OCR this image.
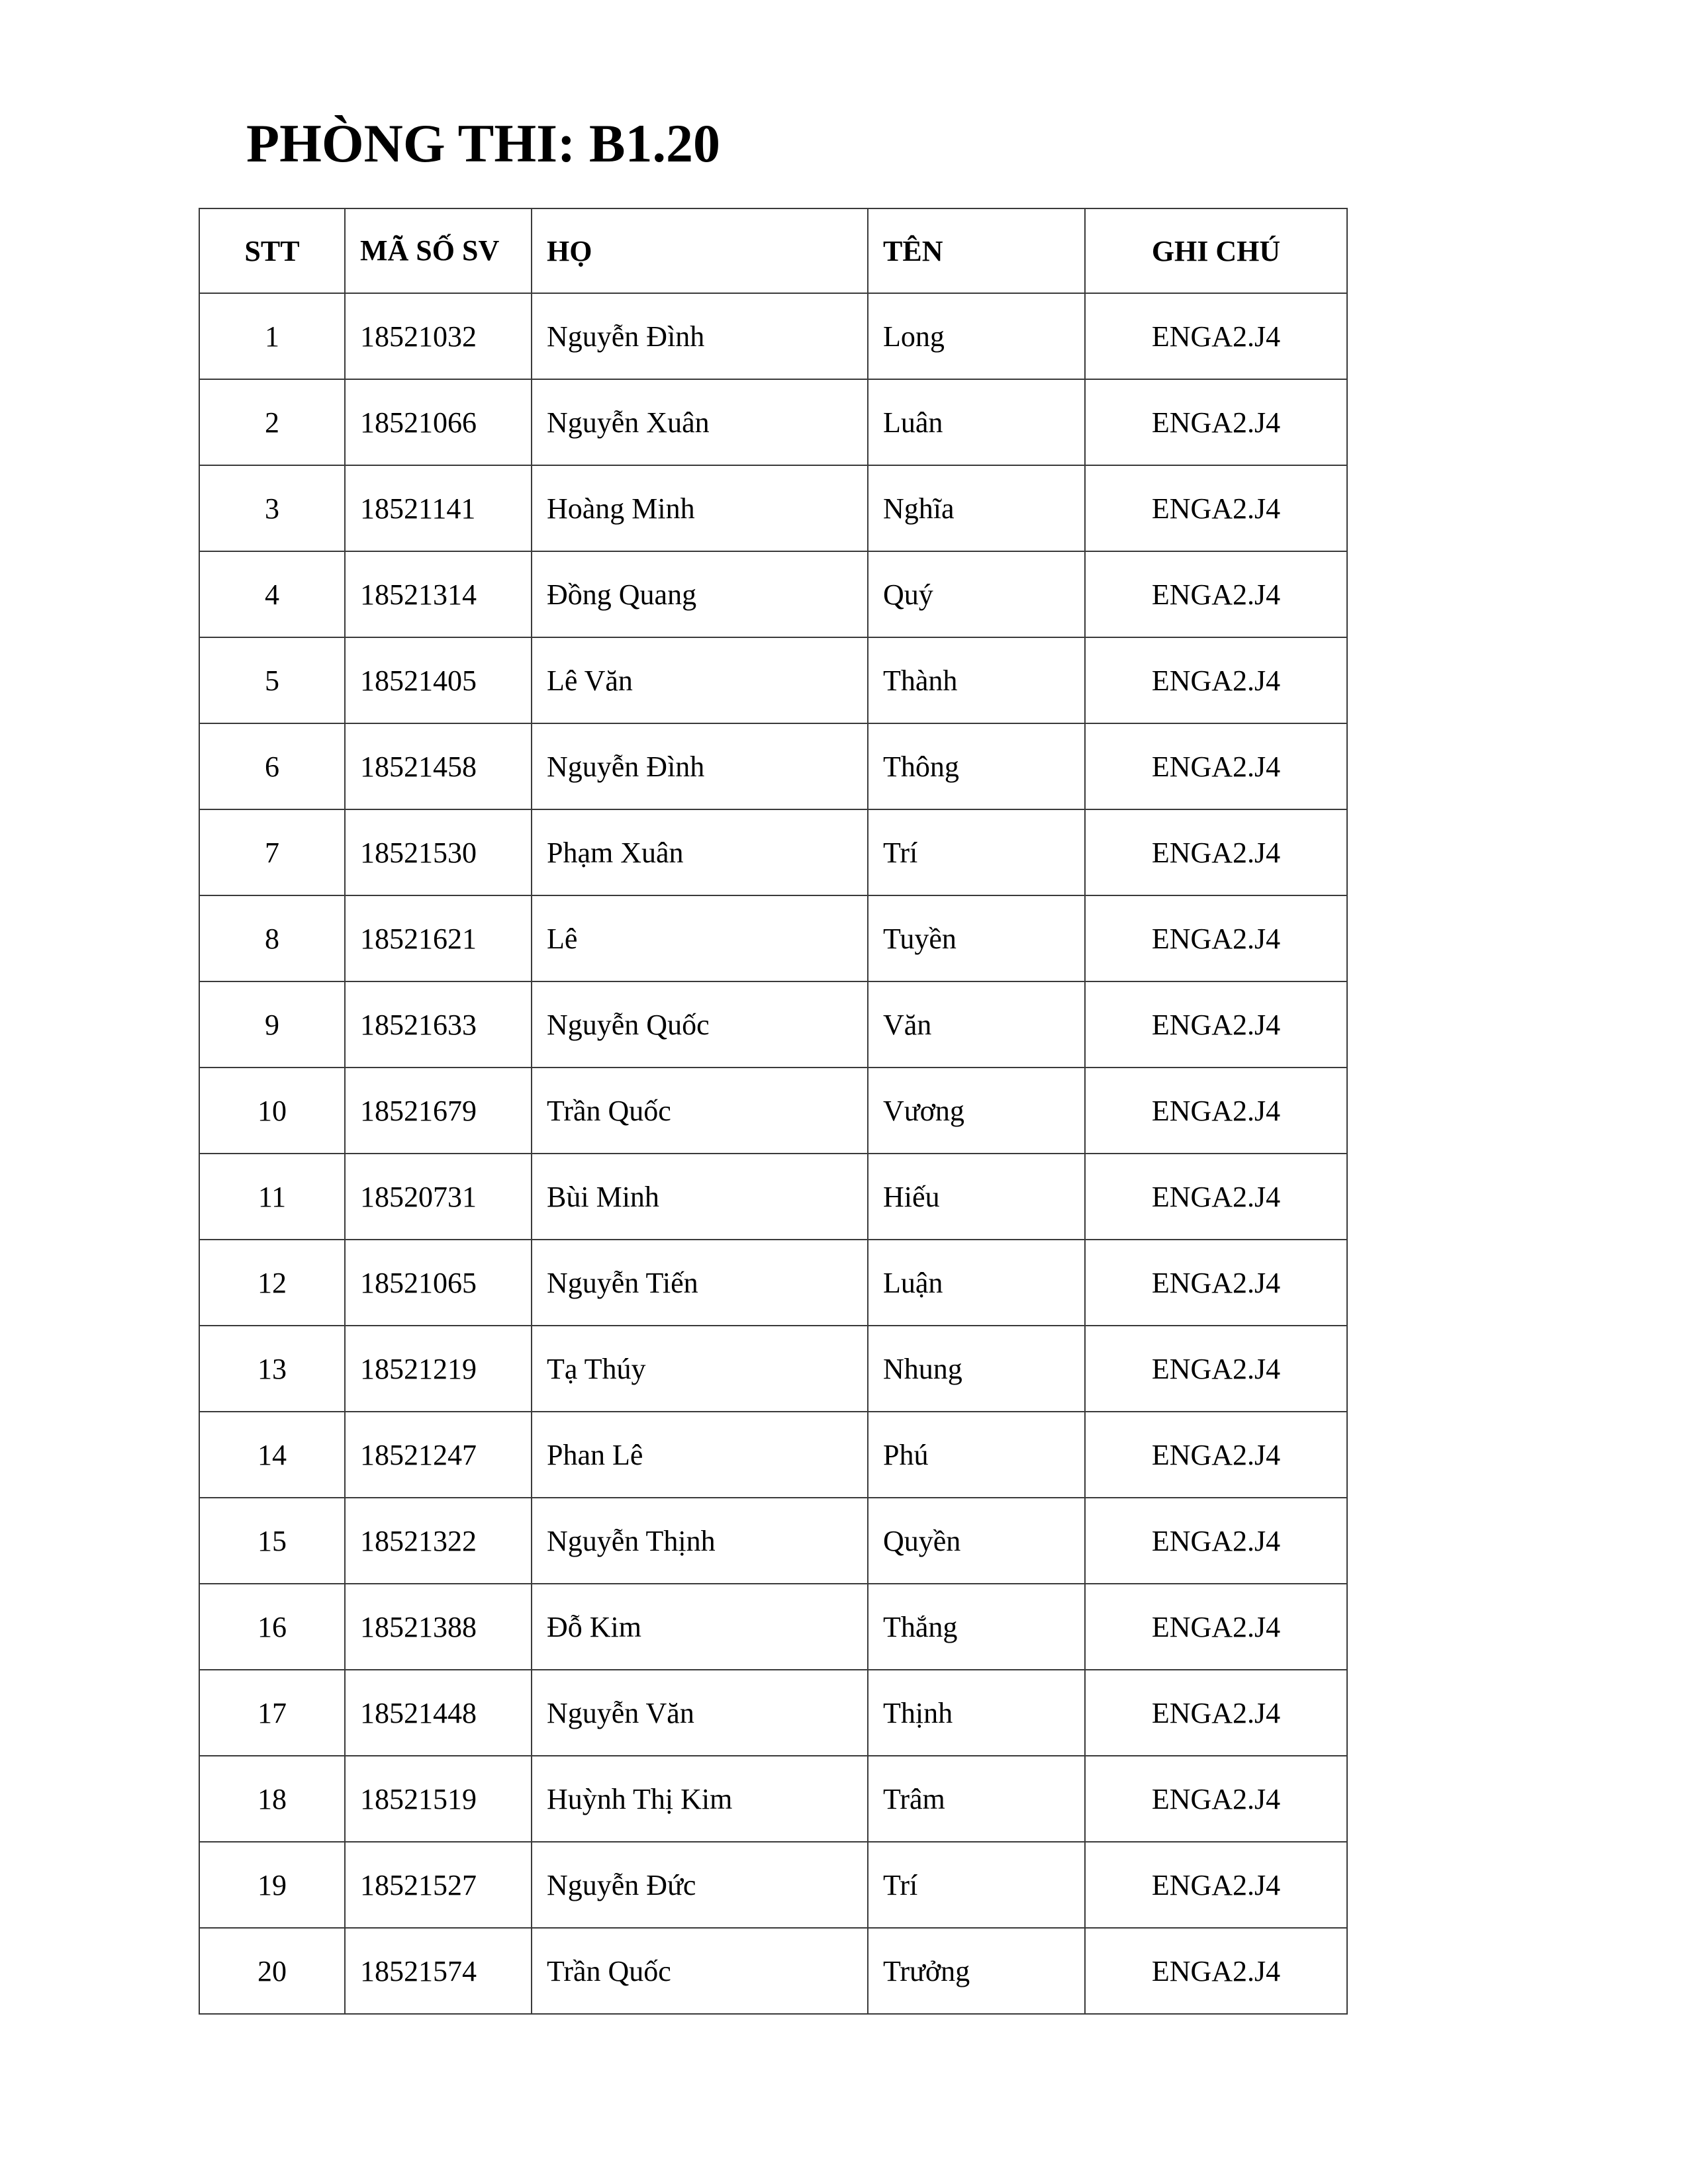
PHÒNG THI: B1.20
STT	MÃ SỐ SV	HỌ	TÊN	GHI CHÚ
1	18521032	Nguyễn Đình	Long	ENGA2.J4
2	18521066	Nguyễn Xuân	Luân	ENGA2.J4
3	18521141	Hoàng Minh	Nghĩa	ENGA2.J4
4	18521314	Đồng Quang	Quý	ENGA2.J4
5	18521405	Lê Văn	Thành	ENGA2.J4
6	18521458	Nguyễn Đình	Thông	ENGA2.J4
7	18521530	Phạm Xuân	Trí	ENGA2.J4
8	18521621	Lê	Tuyền	ENGA2.J4
9	18521633	Nguyễn Quốc	Văn	ENGA2.J4
10	18521679	Trần Quốc	Vương	ENGA2.J4
11	18520731	Bùi Minh	Hiếu	ENGA2.J4
12	18521065	Nguyễn Tiến	Luận	ENGA2.J4
13	18521219	Tạ Thúy	Nhung	ENGA2.J4
14	18521247	Phan Lê	Phú	ENGA2.J4
15	18521322	Nguyễn Thịnh	Quyền	ENGA2.J4
16	18521388	Đỗ Kim	Thắng	ENGA2.J4
17	18521448	Nguyễn Văn	Thịnh	ENGA2.J4
18	18521519	Huỳnh Thị Kim	Trâm	ENGA2.J4
19	18521527	Nguyễn Đức	Trí	ENGA2.J4
20	18521574	Trần Quốc	Trưởng	ENGA2.J4
